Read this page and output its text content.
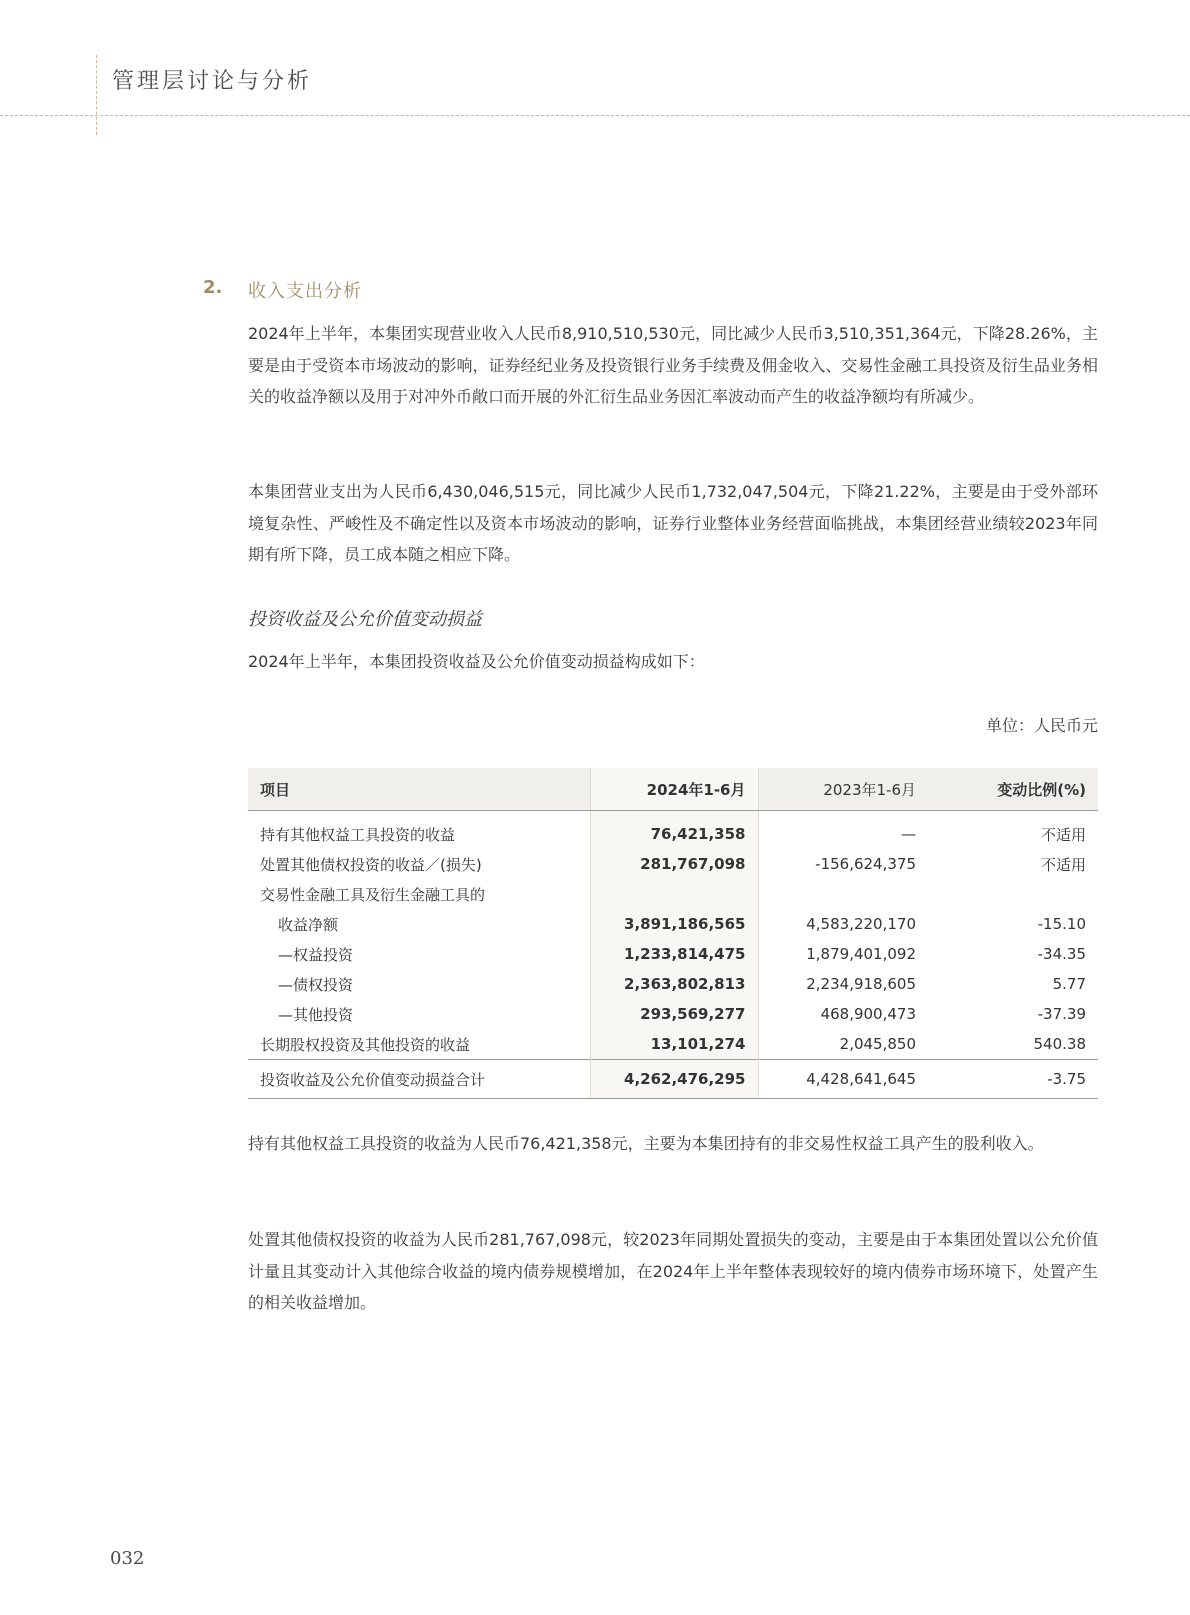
管理层讨论与分析
2. 收入支出分析
2024年上半年，本集团实现营业收入人民币8,910,510,530元，同比减少人民币3,510,351,364元，下降28.26%，主要是由于受资本市场波动的影响，证券经纪业务及投资银行业务手续费及佣金收入、交易性金融工具投资及衍生品业务相关的收益净额以及用于对冲外币敞口而开展的外汇衍生品业务因汇率波动而产生的收益净额均有所减少。
本集团营业支出为人民币6,430,046,515元，同比减少人民币1,732,047,504元，下降21.22%，主要是由于受外部环境复杂性、严峻性及不确定性以及资本市场波动的影响，证券行业整体业务经营面临挑战，本集团经营业绩较2023年同期有所下降，员工成本随之相应下降。
投资收益及公允价值变动损益
2024年上半年，本集团投资收益及公允价值变动损益构成如下：
单位：人民币元
项目	2024年1-6月	2023年1-6月	变动比例(%)
持有其他权益工具投资的收益	76,421,358	—	不适用
处置其他债权投资的收益／(损失)	281,767,098	-156,624,375	不适用
交易性金融工具及衍生金融工具的			
收益净额	3,891,186,565	4,583,220,170	-15.10
—权益投资	1,233,814,475	1,879,401,092	-34.35
—债权投资	2,363,802,813	2,234,918,605	5.77
—其他投资	293,569,277	468,900,473	-37.39
长期股权投资及其他投资的收益	13,101,274	2,045,850	540.38
投资收益及公允价值变动损益合计	4,262,476,295	4,428,641,645	-3.75
持有其他权益工具投资的收益为人民币76,421,358元，主要为本集团持有的非交易性权益工具产生的股利收入。
处置其他债权投资的收益为人民币281,767,098元，较2023年同期处置损失的变动，主要是由于本集团处置以公允价值计量且其变动计入其他综合收益的境内债券规模增加，在2024年上半年整体表现较好的境内债券市场环境下，处置产生的相关收益增加。
032
